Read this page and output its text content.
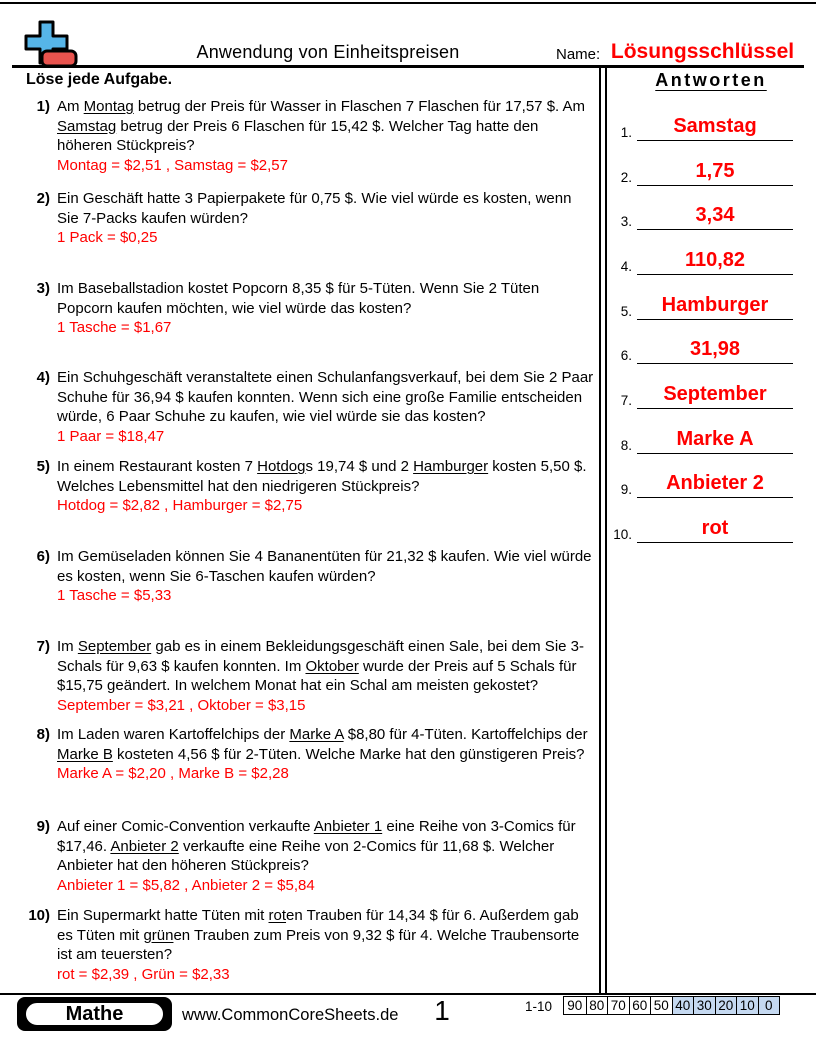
Anwendung von Einheitspreisen	Name: Lösungsschlüssel
Löse jede Aufgabe.	Antworten
1) Am Montag betrug der Preis für Wasser in Flaschen 7 Flaschen für 17,57 $. Am Samstag betrug der Preis 6 Flaschen für 15,42 $. Welcher Tag hatte den höheren Stückpreis?
Montag = $2,51 , Samstag = $2,57
2) Ein Geschäft hatte 3 Papierpakete für 0,75 $. Wie viel würde es kosten, wenn Sie 7-Packs kaufen würden?
1 Pack = $0,25
3) Im Baseballstadion kostet Popcorn 8,35 $ für 5-Tüten. Wenn Sie 2 Tüten Popcorn kaufen möchten, wie viel würde das kosten?
1 Tasche = $1,67
4) Ein Schuhgeschäft veranstaltete einen Schulanfangsverkauf, bei dem Sie 2 Paar Schuhe für 36,94 $ kaufen konnten. Wenn sich eine große Familie entscheiden würde, 6 Paar Schuhe zu kaufen, wie viel würde sie das kosten?
1 Paar = $18,47
5) In einem Restaurant kosten 7 Hotdogs 19,74 $ und 2 Hamburger kosten 5,50 $. Welches Lebensmittel hat den niedrigeren Stückpreis?
Hotdog = $2,82 , Hamburger = $2,75
6) Im Gemüseladen können Sie 4 Bananentüten für 21,32 $ kaufen. Wie viel würde es kosten, wenn Sie 6-Taschen kaufen würden?
1 Tasche = $5,33
7) Im September gab es in einem Bekleidungsgeschäft einen Sale, bei dem Sie 3-Schals für 9,63 $ kaufen konnten. Im Oktober wurde der Preis auf 5 Schals für $15,75 geändert. In welchem Monat hat ein Schal am meisten gekostet?
September = $3,21 , Oktober = $3,15
8) Im Laden waren Kartoffelchips der Marke A $8,80 für 4-Tüten. Kartoffelchips der Marke B kosteten 4,56 $ für 2-Tüten. Welche Marke hat den günstigeren Preis?
Marke A = $2,20 , Marke B = $2,28
9) Auf einer Comic-Convention verkaufte Anbieter 1 eine Reihe von 3-Comics für $17,46. Anbieter 2 verkaufte eine Reihe von 2-Comics für 11,68 $. Welcher Anbieter hat den höheren Stückpreis?
Anbieter 1 = $5,82 , Anbieter 2 = $5,84
10) Ein Supermarkt hatte Tüten mit roten Trauben für 14,34 $ für 6. Außerdem gab es Tüten mit grünen Trauben zum Preis von 9,32 $ für 4. Welche Traubensorte ist am teuersten?
rot = $2,39 , Grün = $2,33
1.	Samstag
2.	1,75
3.	3,34
4.	110,82
5.	Hamburger
6.	31,98
7.	September
8.	Marke A
9.	Anbieter 2
10.	rot
Mathe	www.CommonCoreSheets.de	1	1-10 90 80 70 60 50 40 30 20 10 0
